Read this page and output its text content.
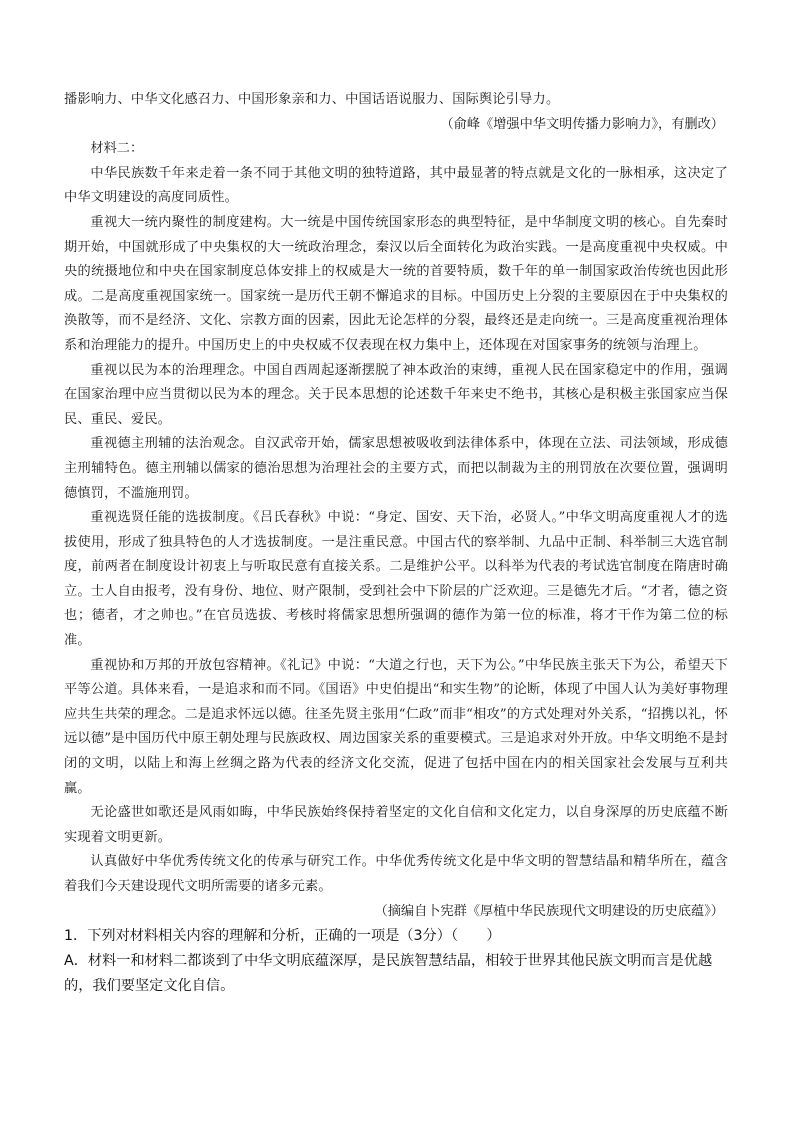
播影响力、中华文化感召力、中国形象亲和力、中国话语说服力、国际舆论引导力。

（俞峰《增强中华文明传播力影响力》，有删改）

材料二：

中华民族数千年来走着一条不同于其他文明的独特道路，其中最显著的特点就是文化的一脉相承，这决定了中华文明建设的高度同质性。

重视大一统内聚性的制度建构。大一统是中国传统国家形态的典型特征，是中华制度文明的核心。自先秦时期开始，中国就形成了中央集权的大一统政治理念，秦汉以后全面转化为政治实践。一是高度重视中央权威。中央的统摄地位和中央在国家制度总体安排上的权威是大一统的首要特质，数千年的单一制国家政治传统也因此形成。二是高度重视国家统一。国家统一是历代王朝不懈追求的目标。中国历史上分裂的主要原因在于中央集权的涣散等，而不是经济、文化、宗教方面的因素，因此无论怎样的分裂，最终还是走向统一。三是高度重视治理体系和治理能力的提升。中国历史上的中央权威不仅表现在权力集中上，还体现在对国家事务的统领与治理上。

重视以民为本的治理理念。中国自西周起逐渐摆脱了神本政治的束缚，重视人民在国家稳定中的作用，强调在国家治理中应当贯彻以民为本的理念。关于民本思想的论述数千年来史不绝书，其核心是积极主张国家应当保民、重民、爱民。

重视德主刑辅的法治观念。自汉武帝开始，儒家思想被吸收到法律体系中，体现在立法、司法领域，形成德主刑辅特色。德主刑辅以儒家的德治思想为治理社会的主要方式，而把以制裁为主的刑罚放在次要位置，强调明德慎罚，不滥施刑罚。

重视选贤任能的选拔制度。《吕氏春秋》中说：“身定、国安、天下治，必贤人。”中华文明高度重视人才的选拔使用，形成了独具特色的人才选拔制度。一是注重民意。中国古代的察举制、九品中正制、科举制三大选官制度，前两者在制度设计初衷上与听取民意有直接关系。二是维护公平。以科举为代表的考试选官制度在隋唐时确立。士人自由报考，没有身份、地位、财产限制，受到社会中下阶层的广泛欢迎。三是德先才后。“才者，德之资也；德者，才之帅也。”在官员选拔、考核时将儒家思想所强调的德作为第一位的标准，将才干作为第二位的标准。

重视协和万邦的开放包容精神。《礼记》中说：“大道之行也，天下为公。”中华民族主张天下为公，希望天下平等公道。具体来看，一是追求和而不同。《国语》中史伯提出“和实生物”的论断，体现了中国人认为美好事物理应共生共荣的理念。二是追求怀远以德。往圣先贤主张用“仁政”而非“相攻”的方式处理对外关系，“招携以礼，怀远以德”是中国历代中原王朝处理与民族政权、周边国家关系的重要模式。三是追求对外开放。中华文明绝不是封闭的文明，以陆上和海上丝绸之路为代表的经济文化交流，促进了包括中国在内的相关国家社会发展与互利共赢。

无论盛世如歌还是风雨如晦，中华民族始终保持着坚定的文化自信和文化定力，以自身深厚的历史底蕴不断实现着文明更新。

认真做好中华优秀传统文化的传承与研究工作。中华优秀传统文化是中华文明的智慧结晶和精华所在，蕴含着我们今天建设现代文明所需要的诸多元素。

（摘编自卜宪群《厚植中华民族现代文明建设的历史底蕴》）

1．下列对材料相关内容的理解和分析，正确的一项是（3分）（　　）

A．材料一和材料二都谈到了中华文明底蕴深厚，是民族智慧结晶，相较于世界其他民族文明而言是优越的，我们要坚定文化自信。
